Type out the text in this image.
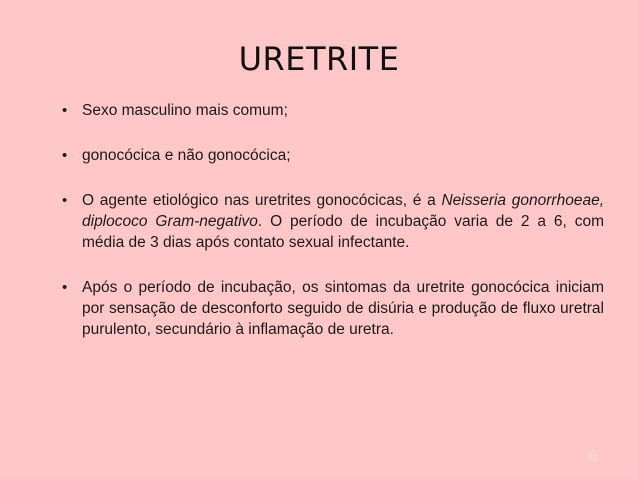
URETRITE
• Sexo masculino mais comum;
• gonocócica e não gonocócica;
• O agente etiológico nas uretrites gonocócicas, é a Neisseria gonorrhoeae, diplococo Gram-negativo. O período de incubação varia de 2 a 6, com média de 3 dias após contato sexual infectante.
• Após o período de incubação, os sintomas da uretrite gonocócica iniciam por sensação de desconforto seguido de disúria e produção de fluxo uretral purulento, secundário à inflamação de uretra.
57
